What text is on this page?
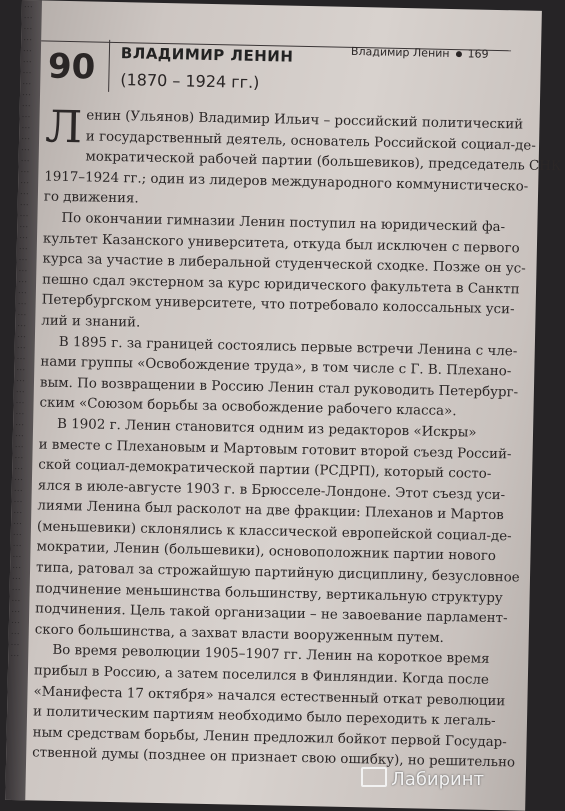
…
…
…
…
…
…
…
…
…
…
…
…
…
…
…
…
…
…
…
…
…
…
…
…
…
…
…
…
…
…
…
…
…
…
…
…
…
…
…
…
…
…
…
…
…
…
…
…
…
…
…
…
…
…
…
…
…
…
…
…
90	ВЛАДИМИР ЛЕНИН
(1870 – 1924 гг.)
Владимир Ленин 169
Л енин (Ульянов) Владимир Ильич – российский политический
и государственный деятель, основатель Российской социал-де-
мократической рабочей партии (большевиков), председатель СНК
1917–1924 гг.; один из лидеров международного коммунистическо-
го движения.
По окончании гимназии Ленин поступил на юридический фа-
культет Казанского университета, откуда был исключен с первого
курса за участие в либеральной студенческой сходке. Позже он ус-
пешно сдал экстерном за курс юридического факультета в Санктп
Петербургском университете, что потребовало колоссальных уси-
лий и знаний.
В 1895 г. за границей состоялись первые встречи Ленина с чле-
нами группы «Освобождение труда», в том числе с Г. В. Плехано-
вым. По возвращении в Россию Ленин стал руководить Петербург-
ским «Союзом борьбы за освобождение рабочего класса».
В 1902 г. Ленин становится одним из редакторов «Искры»
и вместе с Плехановым и Мартовым готовит второй съезд Россий-
ской социал-демократической партии (РСДРП), который состо-
ялся в июле-августе 1903 г. в Брюсселе-Лондоне. Этот съезд уси-
лиями Ленина был расколот на две фракции: Плеханов и Мартов
(меньшевики) склонялись к классической европейской социал-де-
мократии, Ленин (большевики), основоположник партии нового
типа, ратовал за строжайшую партийную дисциплину, безусловное
подчинение меньшинства большинству, вертикальную структуру
подчинения. Цель такой организации – не завоевание парламент-
ского большинства, а захват власти вооруженным путем.
Во время революции 1905–1907 гг. Ленин на короткое время
прибыл в Россию, а затем поселился в Финляндии. Когда после
«Манифеста 17 октября» начался естественный откат революции
и политическим партиям необходимо было переходить к легаль-
ным средствам борьбы, Ленин предложил бойкот первой Государ-
ственной думы (позднее он признает свою ошибку), но решительно
Лабиринт
